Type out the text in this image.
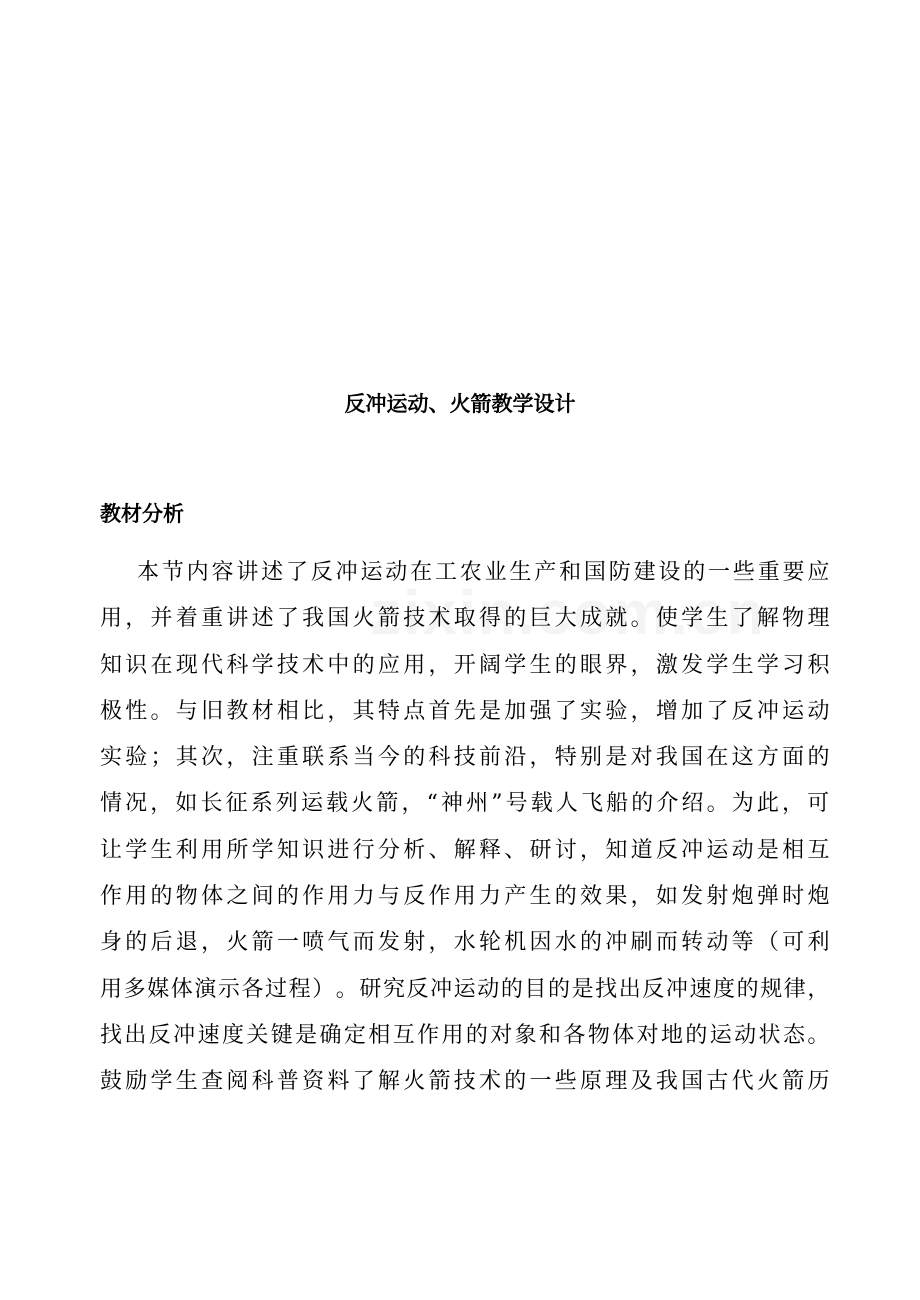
反冲运动、火箭教学设计
教材分析
本 节 内 容 讲 述 了 反 冲 运 动 在 工 农 业 生 产 和 国 防 建 设 的 一 些 重 要 应
用 ， 并 着 重 讲 述 了 我 国 火 箭 技 术 取 得 的 巨 大 成 就 。 使 学 生 了 解 物 理
知 识 在 现 代 科 学 技 术 中 的 应 用 ， 开 阔 学 生 的 眼 界 ， 激 发 学 生 学 习 积
极 性 。 与 旧 教 材 相 比 ， 其 特 点 首 先 是 加 强 了 实 验 ， 增 加 了 反 冲 运 动
实 验 ； 其 次 ， 注 重 联 系 当 今 的 科 技 前 沿 ， 特 别 是 对 我 国 在 这 方 面 的
情 况 ， 如 长 征 系 列 运 载 火 箭 ， “ 神 州 ” 号 载 人 飞 船 的 介 绍 。 为 此 ， 可
让 学 生 利 用 所 学 知 识 进 行 分 析 、 解 释 、 研 讨 ， 知 道 反 冲 运 动 是 相 互
作 用 的 物 体 之 间 的 作 用 力 与 反 作 用 力 产 生 的 效 果 ， 如 发 射 炮 弹 时 炮
身 的 后 退 ， 火 箭 一 喷 气 而 发 射 ， 水 轮 机 因 水 的 冲 刷 而 转 动 等 （ 可 利
用 多 媒 体 演 示 各 过 程 ） 。 研 究 反 冲 运 动 的 目 的 是 找 出 反 冲 速 度 的 规 律 ，
找 出 反 冲 速 度 关 键 是 确 定 相 互 作 用 的 对 象 和 各 物 体 对 地 的 运 动 状 态 。
鼓 励 学 生 查 阅 科 普 资 料 了 解 火 箭 技 术 的 一 些 原 理 及 我 国 古 代 火 箭 历
